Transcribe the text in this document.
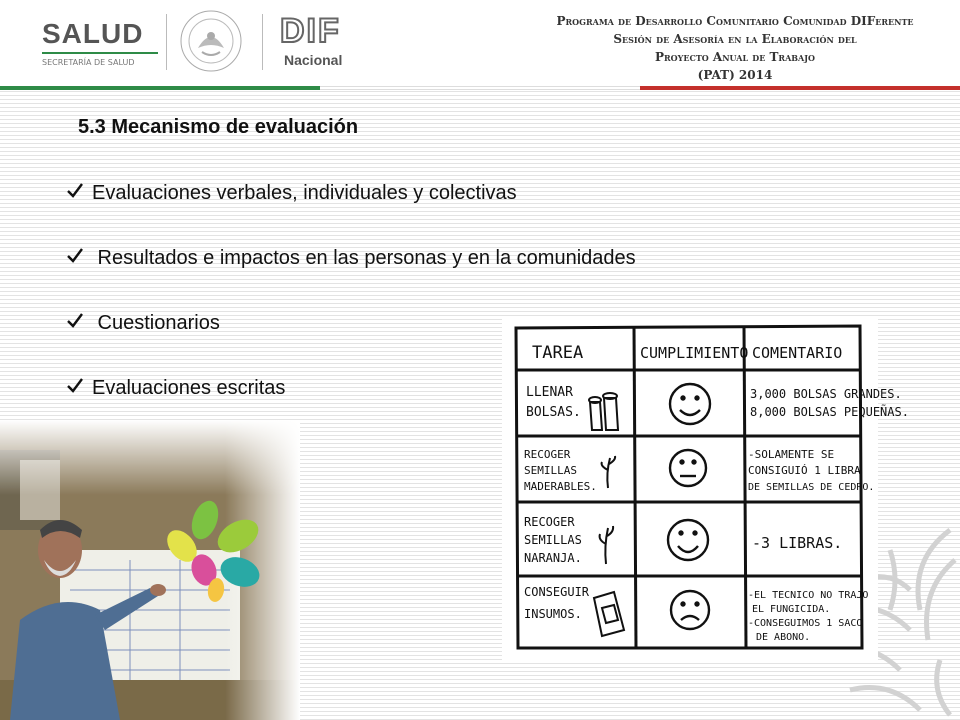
SALUD
SECRETARÍA DE SALUD
DIF
Nacional
Programa de Desarrollo Comunitario Comunidad DIFerente
Sesión de Asesoría en la Elaboración del
Proyecto Anual de Trabajo
(PAT) 2014
5.3 Mecanismo de evaluación
Evaluaciones verbales, individuales y colectivas
Resultados e impactos en las personas y en la comunidades
Cuestionarios
Evaluaciones escritas
TAREA	CUMPLIMIENTO COMENTARIO
LLENAR
BOLSAS.
3,000 BOLSAS GRANDES.
8,000 BOLSAS PEQUEÑAS.
RECOGER
SEMILLAS
MADERABLES.
-SOLAMENTE SE
CONSIGUIÓ 1 LIBRA
DE SEMILLAS DE CEDRO.
RECOGER
SEMILLAS
NARANJA.
-3 LIBRAS.
CONSEGUIR
INSUMOS.
-EL TECNICO NO TRAJO
EL FUNGICIDA.
-CONSEGUIMOS 1 SACO
DE ABONO.
